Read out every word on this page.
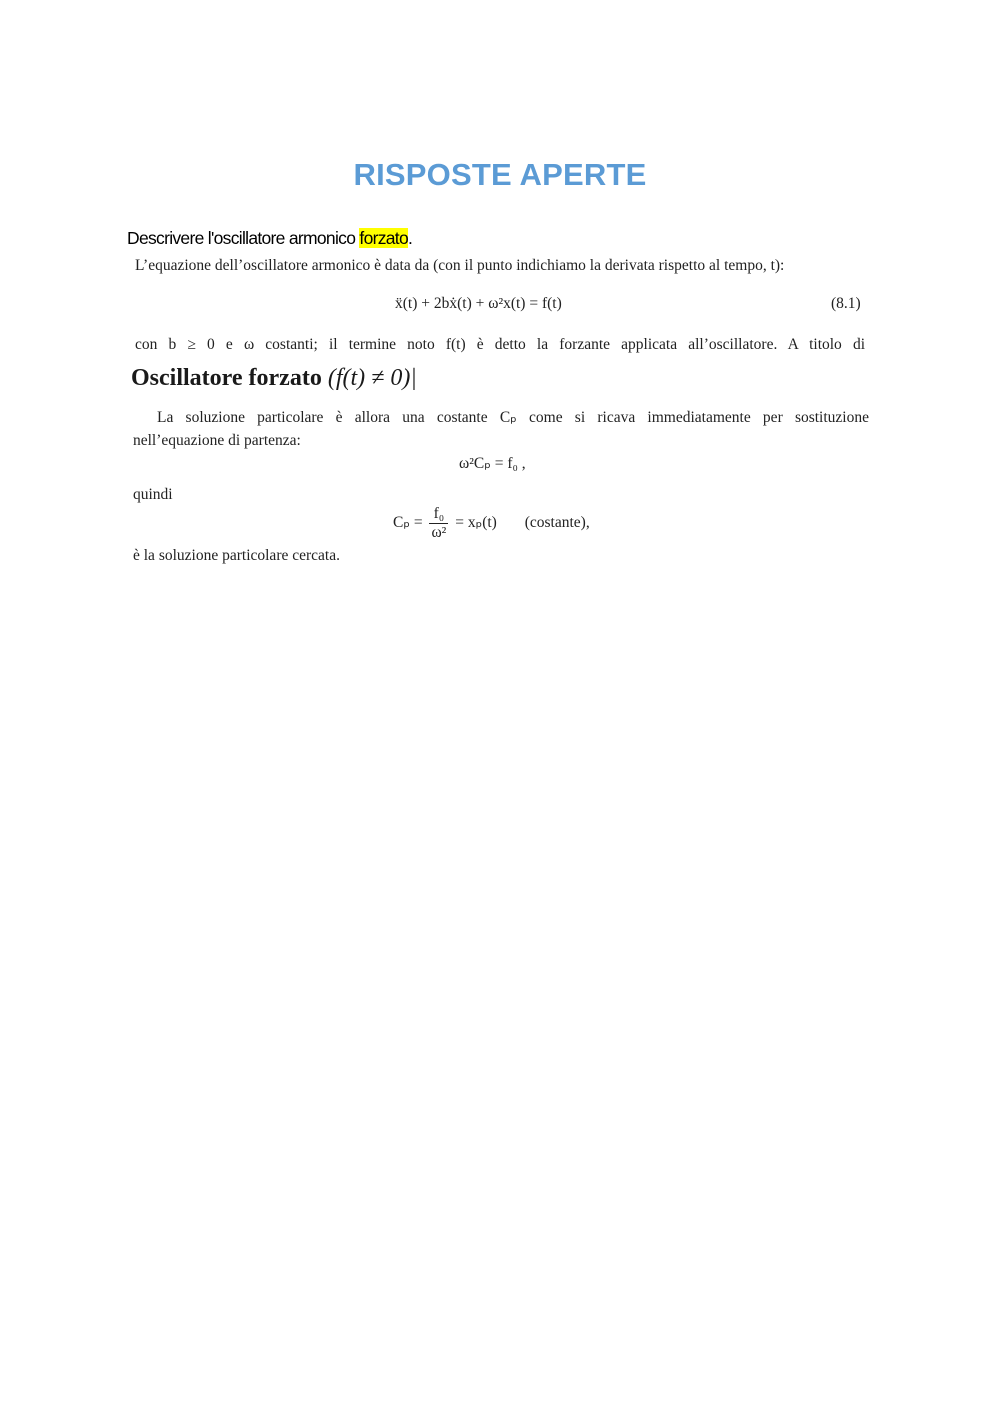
RISPOSTE APERTE
Descrivere l'oscillatore armonico forzato.
L’equazione dell’oscillatore armonico è data da (con il punto indichiamo la derivata rispetto al tempo, t):
ẍ(t) + 2bẋ(t) + ω²x(t) = f(t)	(8.1)
con b ≥ 0 e ω costanti; il termine noto f(t) è detto la forzante applicata all’oscillatore. A titolo di
Oscillatore forzato (f(t) ≠ 0)|
La soluzione particolare è allora una costante Cₚ come si ricava immediatamente per sostituzione
nell’equazione di partenza:
ω²Cₚ = f₀ ,
quindi
$C_p = \frac{\text{f₀}}{\text{ω²}} = x_p(t)$ (costante),
è la soluzione particolare cercata.
